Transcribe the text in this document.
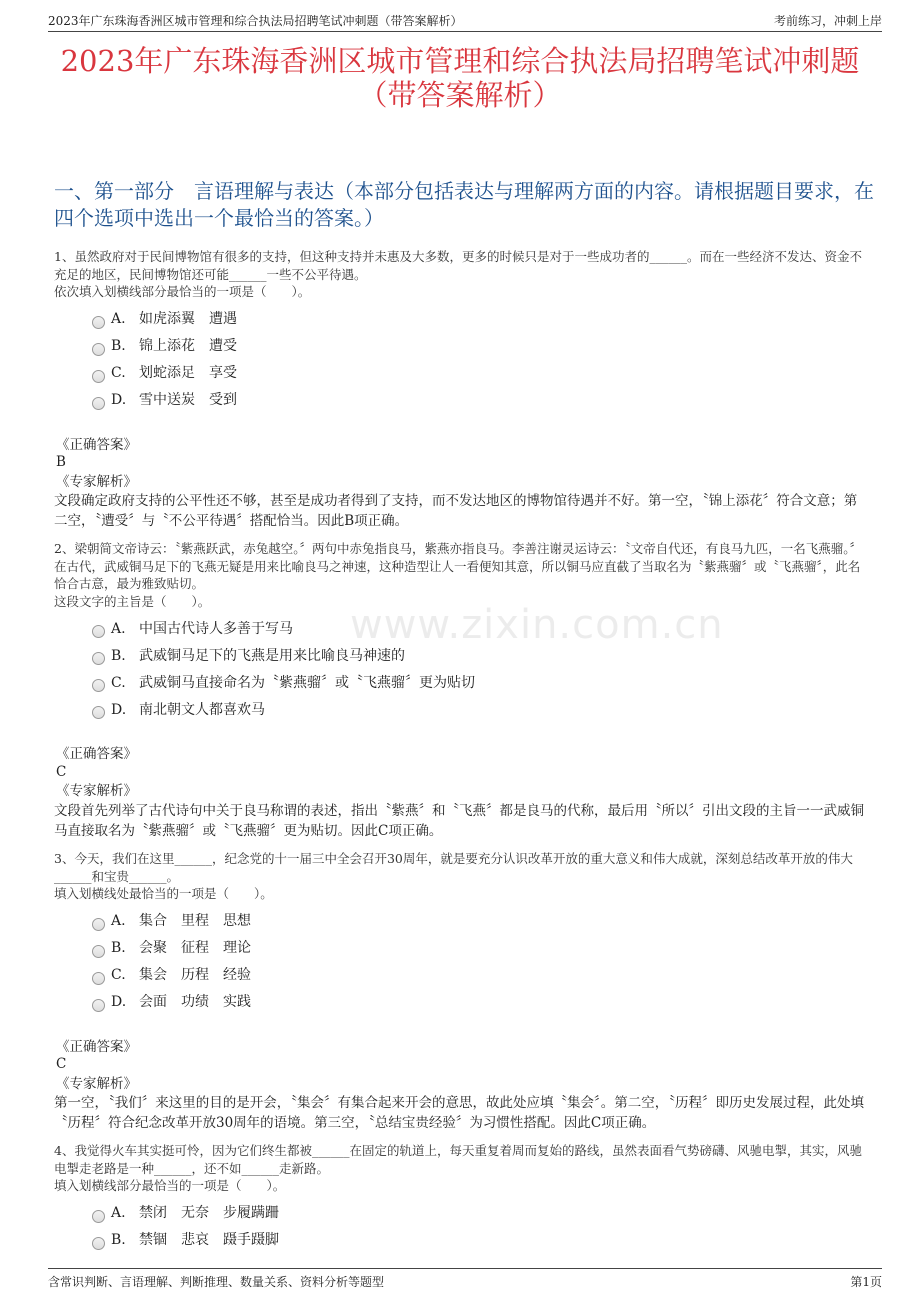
2023年广东珠海香洲区城市管理和综合执法局招聘笔试冲刺题（带答案解析）	考前练习，冲刺上岸
2023年广东珠海香洲区城市管理和综合执法局招聘笔试冲刺题
（带答案解析）
一、第一部分　言语理解与表达（本部分包括表达与理解两方面的内容。请根据题目要求，在四个选项中选出一个最恰当的答案。）
www.zixin.com.cn
1、虽然政府对于民间博物馆有很多的支持，但这种支持并未惠及大多数，更多的时候只是对于一些成功者的______。而在一些经济不发达、资金不充足的地区，民间博物馆还可能______一些不公平待遇。
依次填入划横线部分最恰当的一项是（　　）。
A. 如虎添翼　遭遇
B. 锦上添花　遭受
C. 划蛇添足　享受
D. 雪中送炭　受到
《正确答案》
B
《专家解析》
文段确定政府支持的公平性还不够，甚至是成功者得到了支持，而不发达地区的博物馆待遇并不好。第一空，〝锦上添花〞符合文意；第二空，〝遭受〞与〝不公平待遇〞搭配恰当。因此B项正确。
2、梁朝简文帝诗云：〝紫燕跃武，赤兔越空。〞两句中赤兔指良马，紫燕亦指良马。李善注谢灵运诗云：〝文帝自代还，有良马九匹，一名飞燕骝。〞在古代，武威铜马足下的飞燕无疑是用来比喻良马之神速，这种造型让人一看便知其意，所以铜马应直截了当取名为〝紫燕骝〞或〝飞燕骝〞，此名恰合古意，最为雅致贴切。
这段文字的主旨是（　　）。
A. 中国古代诗人多善于写马
B. 武威铜马足下的飞燕是用来比喻良马神速的
C. 武威铜马直接命名为〝紫燕骝〞或〝飞燕骝〞更为贴切
D. 南北朝文人都喜欢马
《正确答案》
C
《专家解析》
文段首先列举了古代诗句中关于良马称谓的表述，指出〝紫燕〞和〝飞燕〞都是良马的代称，最后用〝所以〞引出文段的主旨一一武威铜马直接取名为〝紫燕骝〞或〝飞燕骝〞更为贴切。因此C项正确。
3、今天，我们在这里______，纪念党的十一届三中全会召开30周年，就是要充分认识改革开放的重大意义和伟大成就，深刻总结改革开放的伟大______和宝贵______。
填入划横线处最恰当的一项是（　　）。
A. 集合　里程　思想
B. 会聚　征程　理论
C. 集会　历程　经验
D. 会面　功绩　实践
《正确答案》
C
《专家解析》
第一空，〝我们〞来这里的目的是开会，〝集会〞有集合起来开会的意思，故此处应填〝集会〞。第二空，〝历程〞即历史发展过程，此处填〝历程〞符合纪念改革开放30周年的语境。第三空，〝总结宝贵经验〞为习惯性搭配。因此C项正确。
4、我觉得火车其实挺可怜，因为它们终生都被______在固定的轨道上，每天重复着周而复始的路线，虽然表面看气势磅礴、风驰电掣，其实，风驰电掣走老路是一种______，还不如______走新路。
填入划横线部分最恰当的一项是（　　）。
A. 禁闭　无奈　步履蹒跚
B. 禁锢　悲哀　蹑手蹑脚
含常识判断、言语理解、判断推理、数量关系、资料分析等题型	第1页
